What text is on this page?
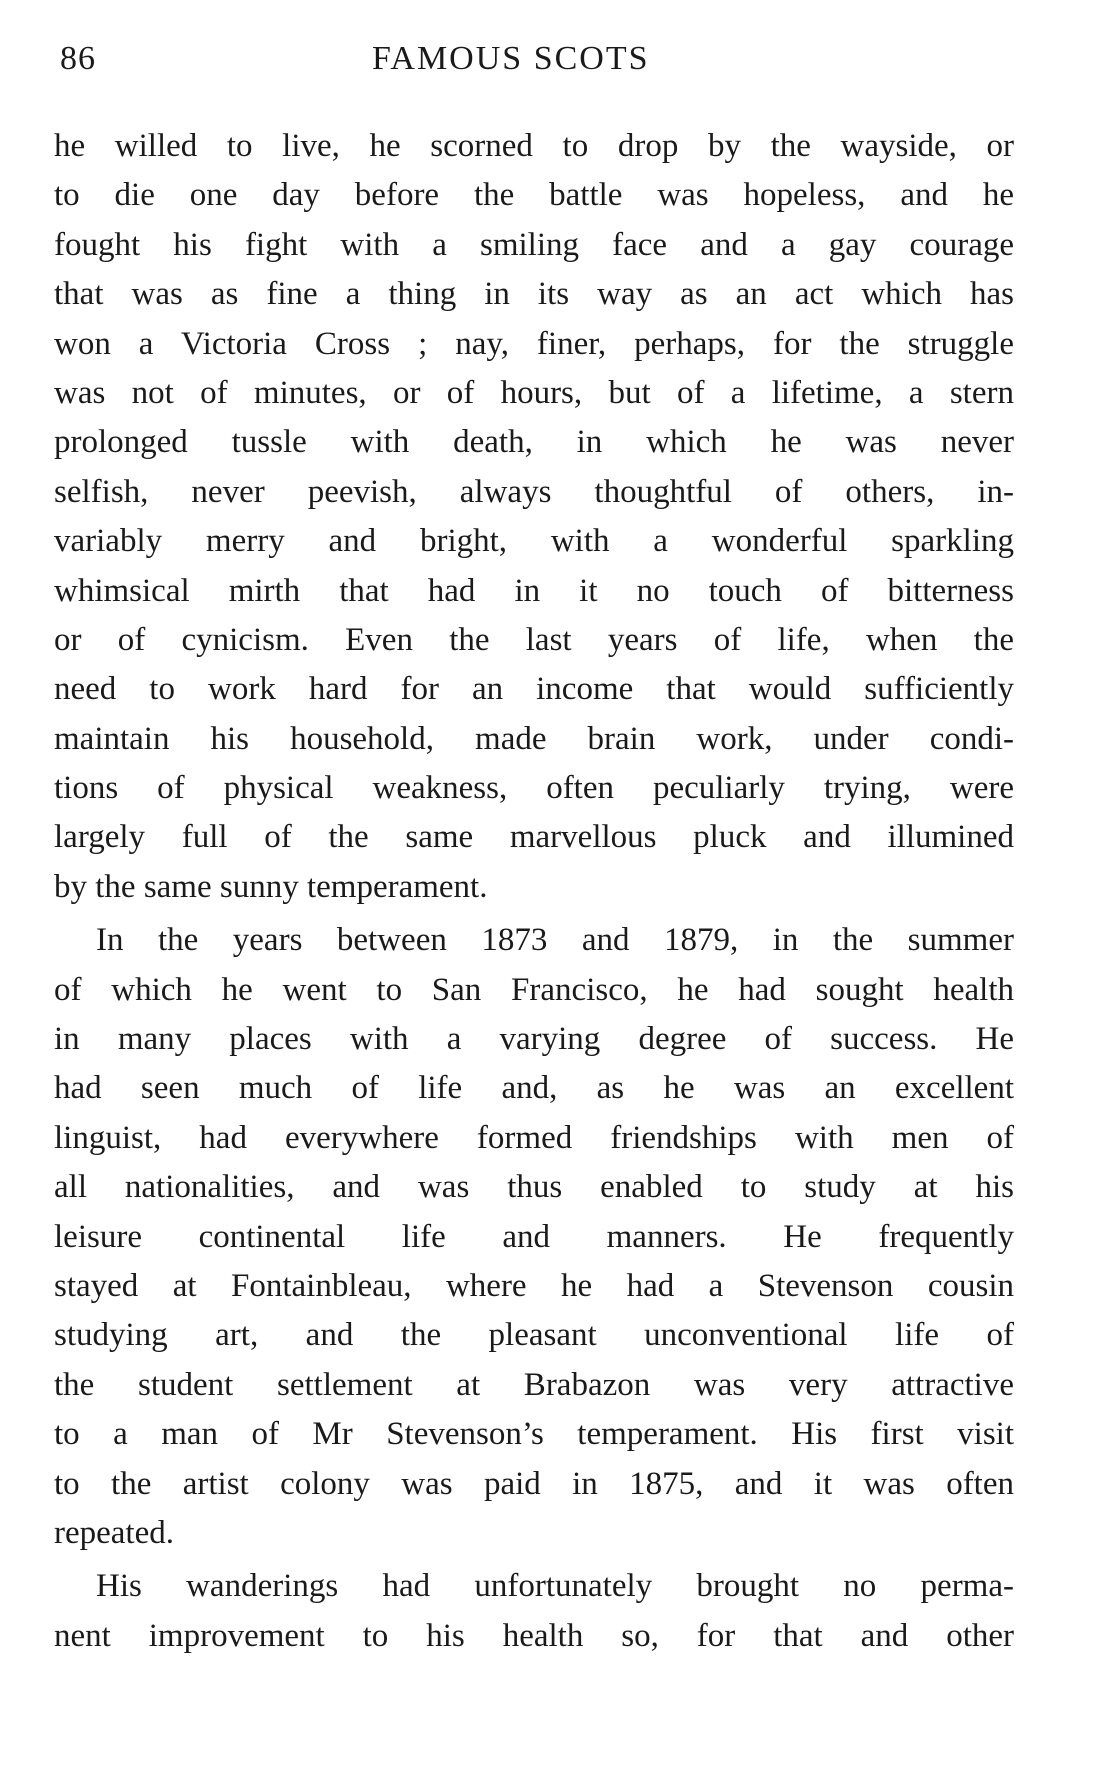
86	FAMOUS SCOTS
he willed to live, he scorned to drop by the wayside, or
to die one day before the battle was hopeless, and he
fought his fight with a smiling face and a gay courage
that was as fine a thing in its way as an act which has
won a Victoria Cross ; nay, finer, perhaps, for the struggle
was not of minutes, or of hours, but of a lifetime, a stern
prolonged tussle with death, in which he was never
selfish, never peevish, always thoughtful of others, in-
variably merry and bright, with a wonderful sparkling
whimsical mirth that had in it no touch of bitterness
or of cynicism. Even the last years of life, when the
need to work hard for an income that would sufficiently
maintain his household, made brain work, under condi-
tions of physical weakness, often peculiarly trying, were
largely full of the same marvellous pluck and illumined
by the same sunny temperament.
In the years between 1873 and 1879, in the summer
of which he went to San Francisco, he had sought health
in many places with a varying degree of success. He
had seen much of life and, as he was an excellent
linguist, had everywhere formed friendships with men of
all nationalities, and was thus enabled to study at his
leisure continental life and manners. He frequently
stayed at Fontainbleau, where he had a Stevenson cousin
studying art, and the pleasant unconventional life of
the student settlement at Brabazon was very attractive
to a man of Mr Stevenson’s temperament. His first visit
to the artist colony was paid in 1875, and it was often
repeated.
His wanderings had unfortunately brought no perma-
nent improvement to his health so, for that and other
